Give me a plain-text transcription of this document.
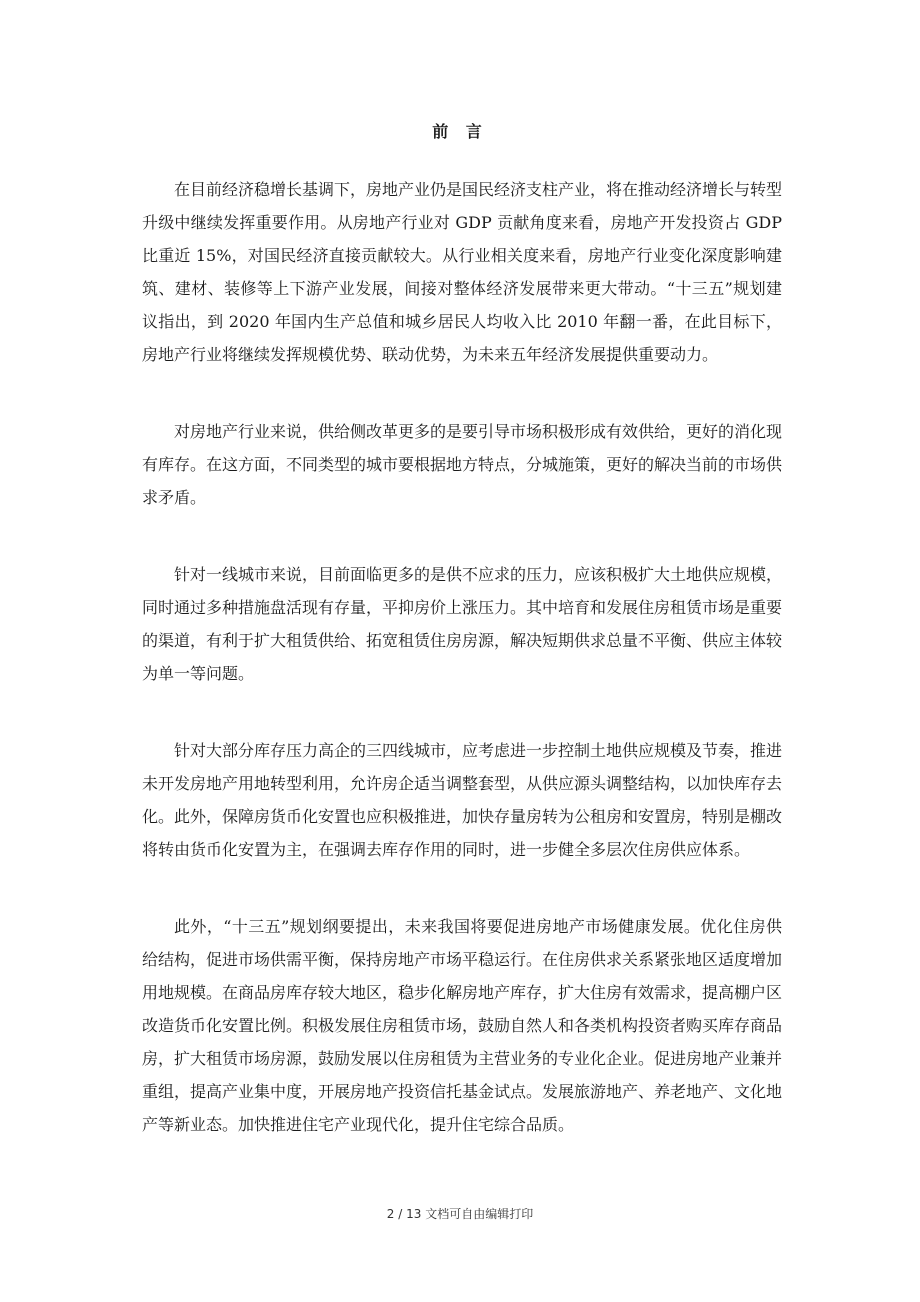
前 言

在目前经济稳增长基调下，房地产业仍是国民经济支柱产业，将在推动经济增长与转型升级中继续发挥重要作用。从房地产行业对 GDP 贡献角度来看，房地产开发投资占 GDP 比重近 15%，对国民经济直接贡献较大。从行业相关度来看，房地产行业变化深度影响建筑、建材、装修等上下游产业发展，间接对整体经济发展带来更大带动。“十三五”规划建议指出，到 2020 年国内生产总值和城乡居民人均收入比 2010 年翻一番，在此目标下，房地产行业将继续发挥规模优势、联动优势，为未来五年经济发展提供重要动力。

对房地产行业来说，供给侧改革更多的是要引导市场积极形成有效供给，更好的消化现有库存。在这方面，不同类型的城市要根据地方特点，分城施策，更好的解决当前的市场供求矛盾。

针对一线城市来说，目前面临更多的是供不应求的压力，应该积极扩大土地供应规模，同时通过多种措施盘活现有存量，平抑房价上涨压力。其中培育和发展住房租赁市场是重要的渠道，有利于扩大租赁供给、拓宽租赁住房房源，解决短期供求总量不平衡、供应主体较为单一等问题。

针对大部分库存压力高企的三四线城市，应考虑进一步控制土地供应规模及节奏，推进未开发房地产用地转型利用，允许房企适当调整套型，从供应源头调整结构，以加快库存去化。此外，保障房货币化安置也应积极推进，加快存量房转为公租房和安置房，特别是棚改将转由货币化安置为主，在强调去库存作用的同时，进一步健全多层次住房供应体系。

此外，“十三五”规划纲要提出，未来我国将要促进房地产市场健康发展。优化住房供给结构，促进市场供需平衡，保持房地产市场平稳运行。在住房供求关系紧张地区适度增加用地规模。在商品房库存较大地区，稳步化解房地产库存，扩大住房有效需求，提高棚户区改造货币化安置比例。积极发展住房租赁市场，鼓励自然人和各类机构投资者购买库存商品房，扩大租赁市场房源，鼓励发展以住房租赁为主营业务的专业化企业。促进房地产业兼并重组，提高产业集中度，开展房地产投资信托基金试点。发展旅游地产、养老地产、文化地产等新业态。加快推进住宅产业现代化，提升住宅综合品质。

2 / 13 文档可自由编辑打印
